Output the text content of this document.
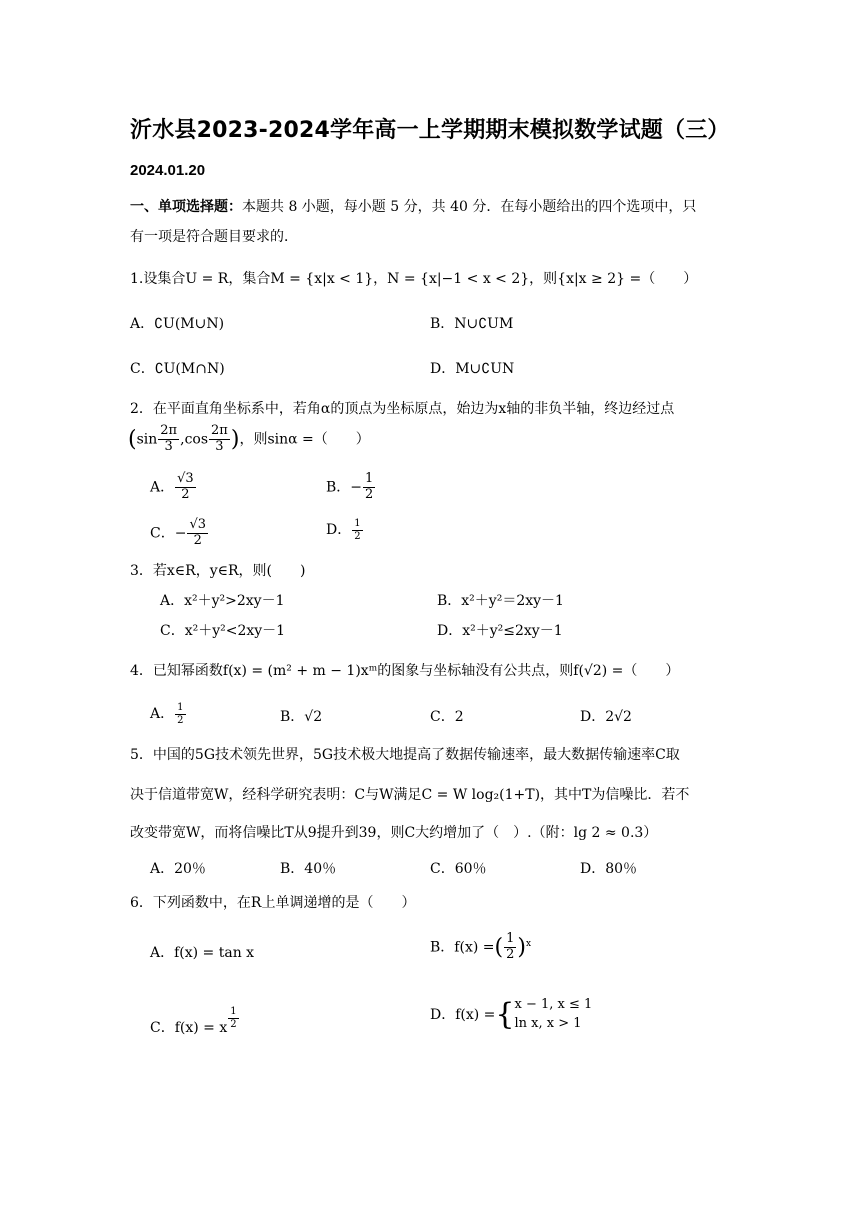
沂水县2023-2024学年高一上学期期末模拟数学试题（三）
2024.01.20
一、单项选择题：本题共 8 小题，每小题 5 分，共 40 分．在每小题给出的四个选项中，只
有一项是符合题目要求的．
1.设集合U = R，集合M = {x|x < 1}，N = {x|−1 < x < 2}，则{x|x ≥ 2} =（　　）
A．∁U(M∪N)	B．N∪∁UM
C．∁U(M∩N)	D．M∪∁UN
2．在平面直角坐标系中，若角α的顶点为坐标原点，始边为x轴的非负半轴，终边经过点
($\sin \frac{2\pi}{3} ,\cos \frac{2\pi}{3}$ )，则sinα =（　　）
A． $\frac{√3}{2}$	B．− $\frac{1}{2}$
C．− $\frac{√3}{2}$	D． $\frac{1}{2}$
3．若x∈R，y∈R，则(　　)
A．x²＋y²>2xy－1	B．x²＋y²＝2xy－1
C．x²＋y²<2xy－1	D．x²＋y²≤2xy－1
4．已知幂函数f(x) = (m² + m − 1)xᵐ的图象与坐标轴没有公共点，则f(√2) =（　　）
A． $\frac{1}{2}$	B．√2	C．2	D．2√2
5．中国的5G技术领先世界，5G技术极大地提高了数据传输速率，最大数据传输速率C取
决于信道带宽W，经科学研究表明：C与W满足C = W log₂(1+T)，其中T为信噪比．若不
改变带宽W，而将信噪比T从9提升到39，则C大约增加了（　）.（附：lg 2 ≈ 0.3）
A．20％	B．40％	C．60％	D．80％
6．下列函数中，在R上单调递增的是（　　）
A．f(x) = tan x	B．f(x) =( $\frac{1}{2} )^x$
C．f(x) = x $\frac{1}{2}$	D．f(x) ={ x − 1, x ≤ 1
ln x, x > 1
